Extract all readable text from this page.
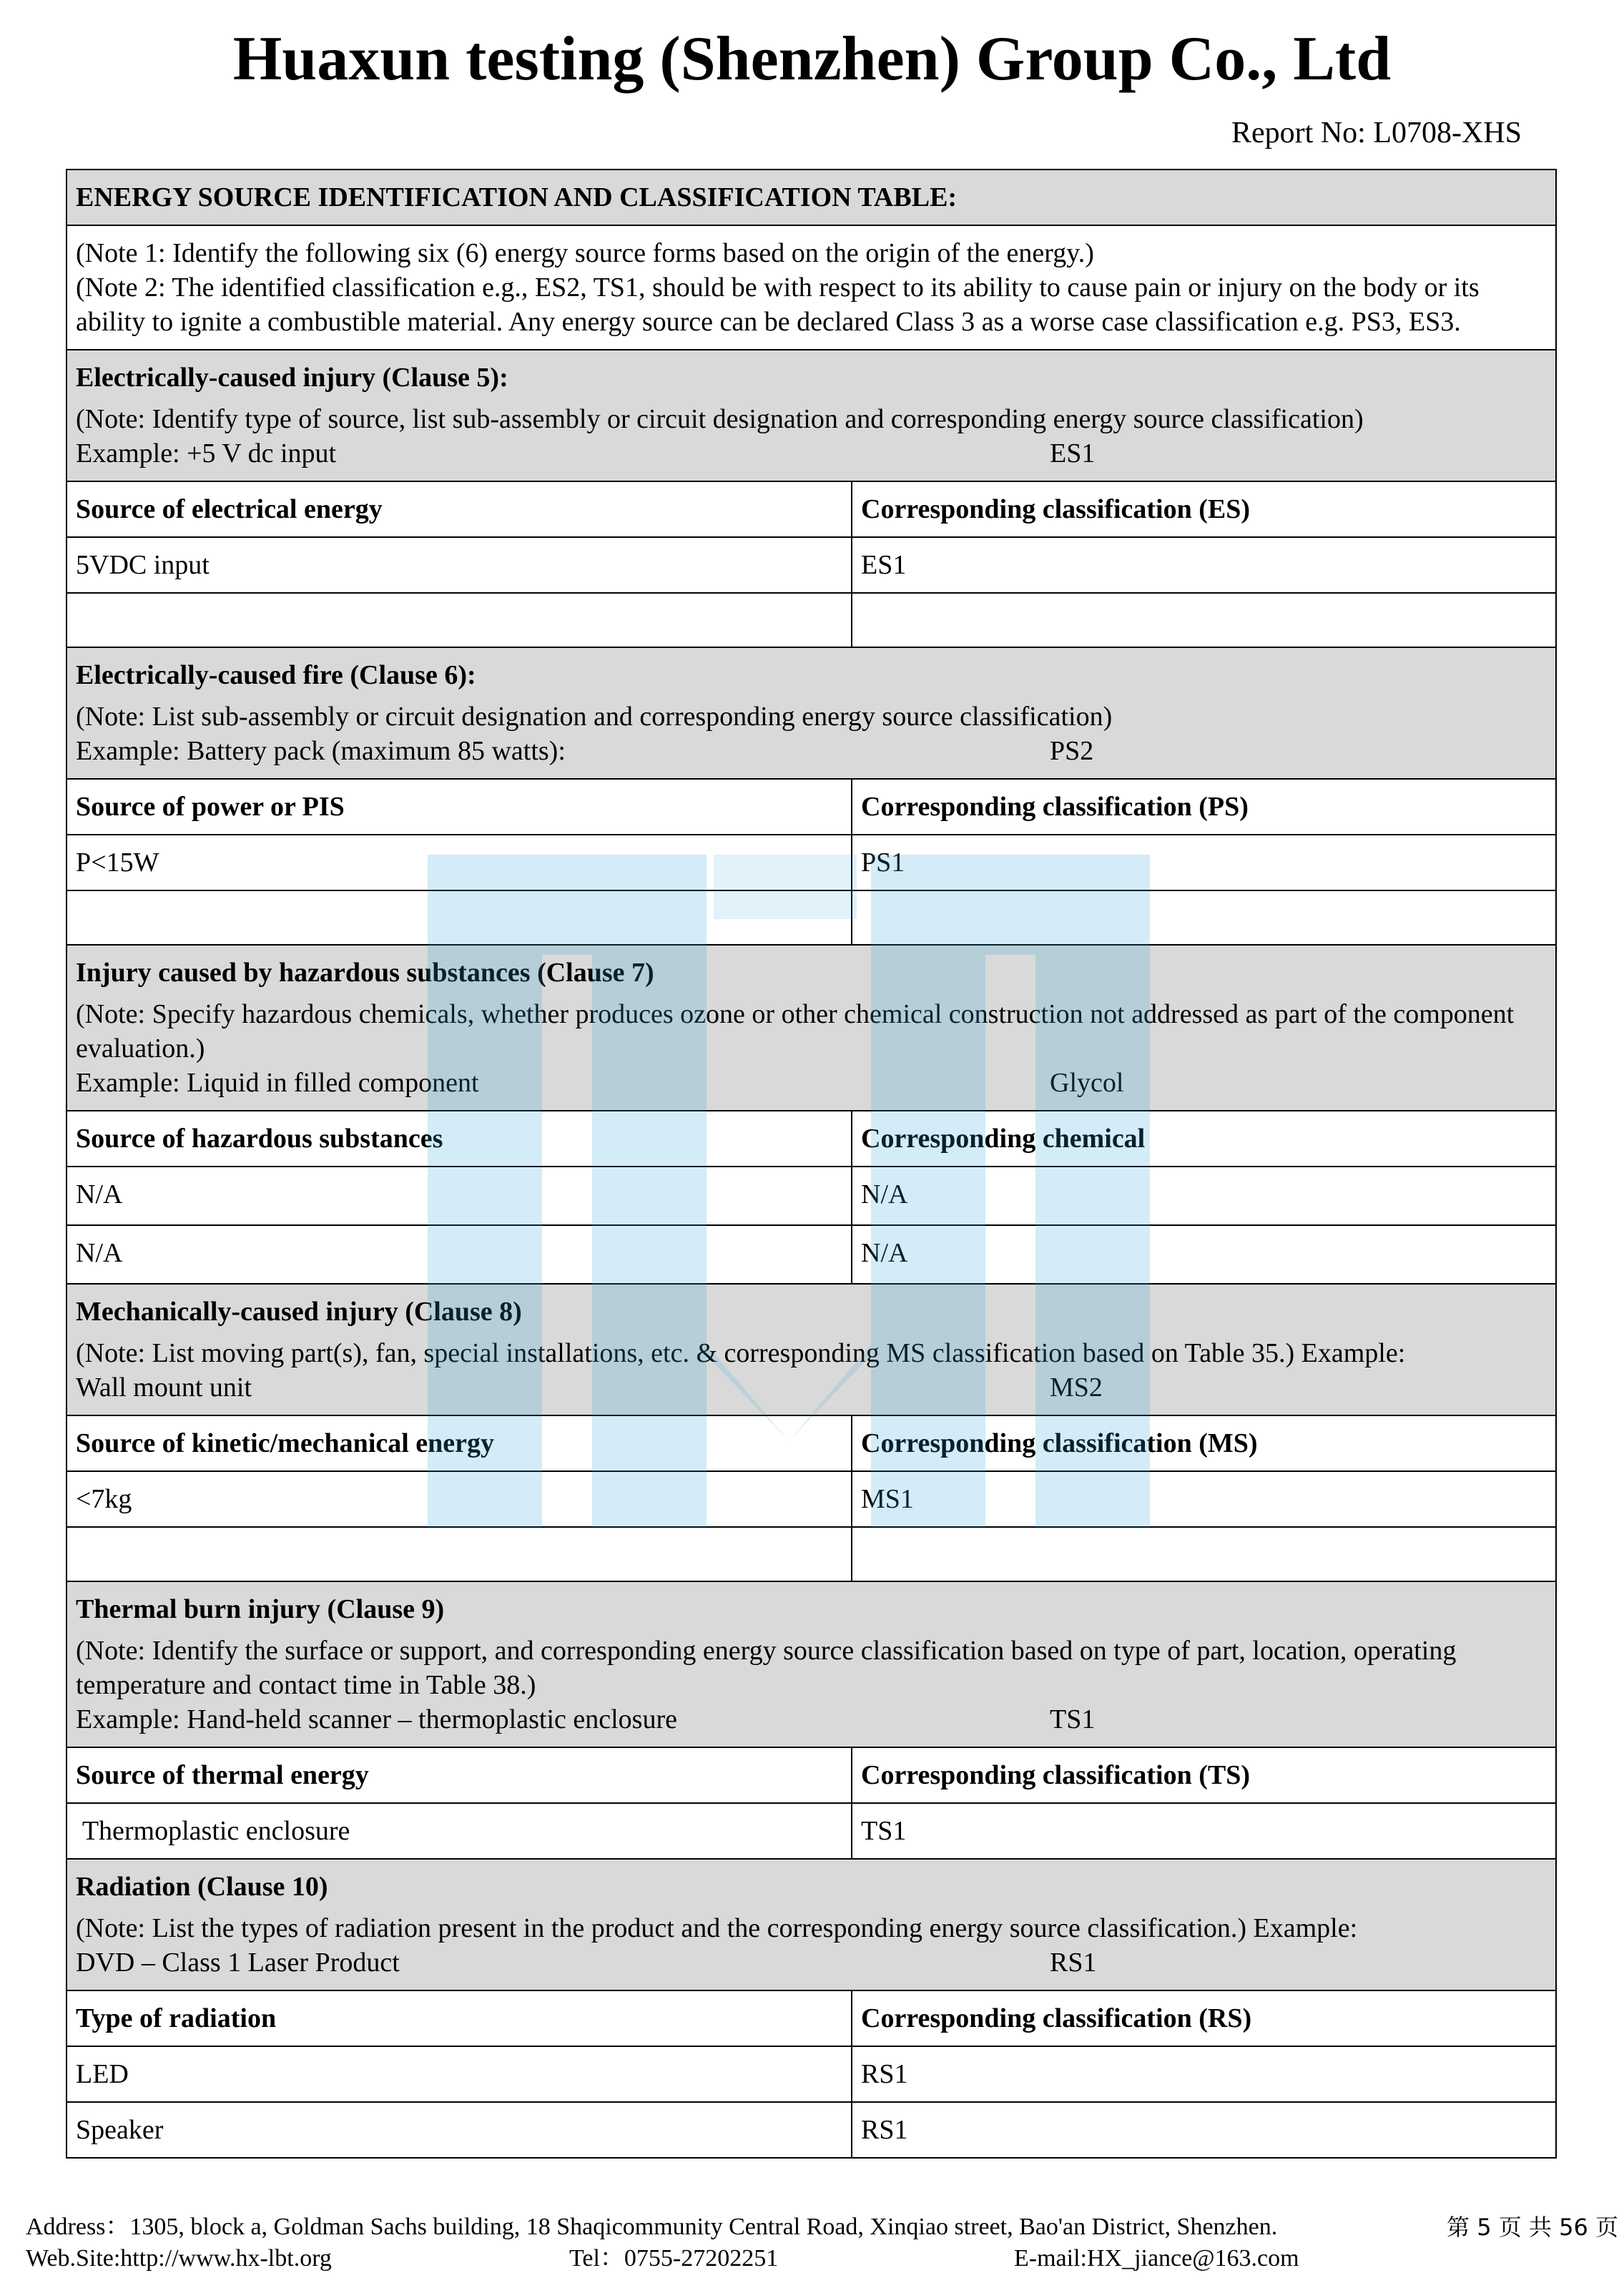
Huaxun testing (Shenzhen) Group Co., Ltd
Report No: L0708-XHS
ENERGY SOURCE IDENTIFICATION AND CLASSIFICATION TABLE:	

(Note 1: Identify the following six (6) energy source forms based on the origin of the energy.)
(Note 2: The identified classification e.g., ES2, TS1, should be with respect to its ability to cause pain or injury on the body or its ability to ignite a combustible material. Any energy source can be declared Class 3 as a worse case classification e.g. PS3, ES3.	

Electrically-caused injury (Clause 5):
(Note: Identify type of source, list sub-assembly or circuit designation and corresponding energy source classification)
Example: +5 V dc input ES1	

Source of electrical energy	Corresponding classification (ES)
5VDC input	ES1

Electrically-caused fire (Clause 6):
(Note: List sub-assembly or circuit designation and corresponding energy source classification)
Example: Battery pack (maximum 85 watts): PS2	

Source of power or PIS	Corresponding classification (PS)
P<15W	PS1

Injury caused by hazardous substances (Clause 7)
(Note: Specify hazardous chemicals, whether produces ozone or other chemical construction not addressed as part of the component evaluation.)
Example: Liquid in filled component Glycol	

Source of hazardous substances	Corresponding chemical
N/A	N/A
N/A	N/A

Mechanically-caused injury (Clause 8)
(Note: List moving part(s), fan, special installations, etc. & corresponding MS classification based on Table 35.) Example:
Wall mount unit MS2	

Source of kinetic/mechanical energy	Corresponding classification (MS)
<7kg	MS1

Thermal burn injury (Clause 9)
(Note: Identify the surface or support, and corresponding energy source classification based on type of part, location, operating temperature and contact time in Table 38.)
Example: Hand-held scanner – thermoplastic enclosure TS1	

Source of thermal energy	Corresponding classification (TS)
Thermoplastic enclosure	TS1

Radiation (Clause 10)
(Note: List the types of radiation present in the product and the corresponding energy source classification.) Example:
DVD – Class 1 Laser Product RS1	

Type of radiation	Corresponding classification (RS)
LED	RS1
Speaker	RS1
Address：1305, block a, Goldman Sachs building, 18 Shaqicommunity Central Road, Xinqiao street, Bao'an District, Shenzhen.	第 5 页 共 56 页
Web.Site:http://www.hx-lbt.org	Tel：0755-27202251	E-mail:HX_jiance@163.com
